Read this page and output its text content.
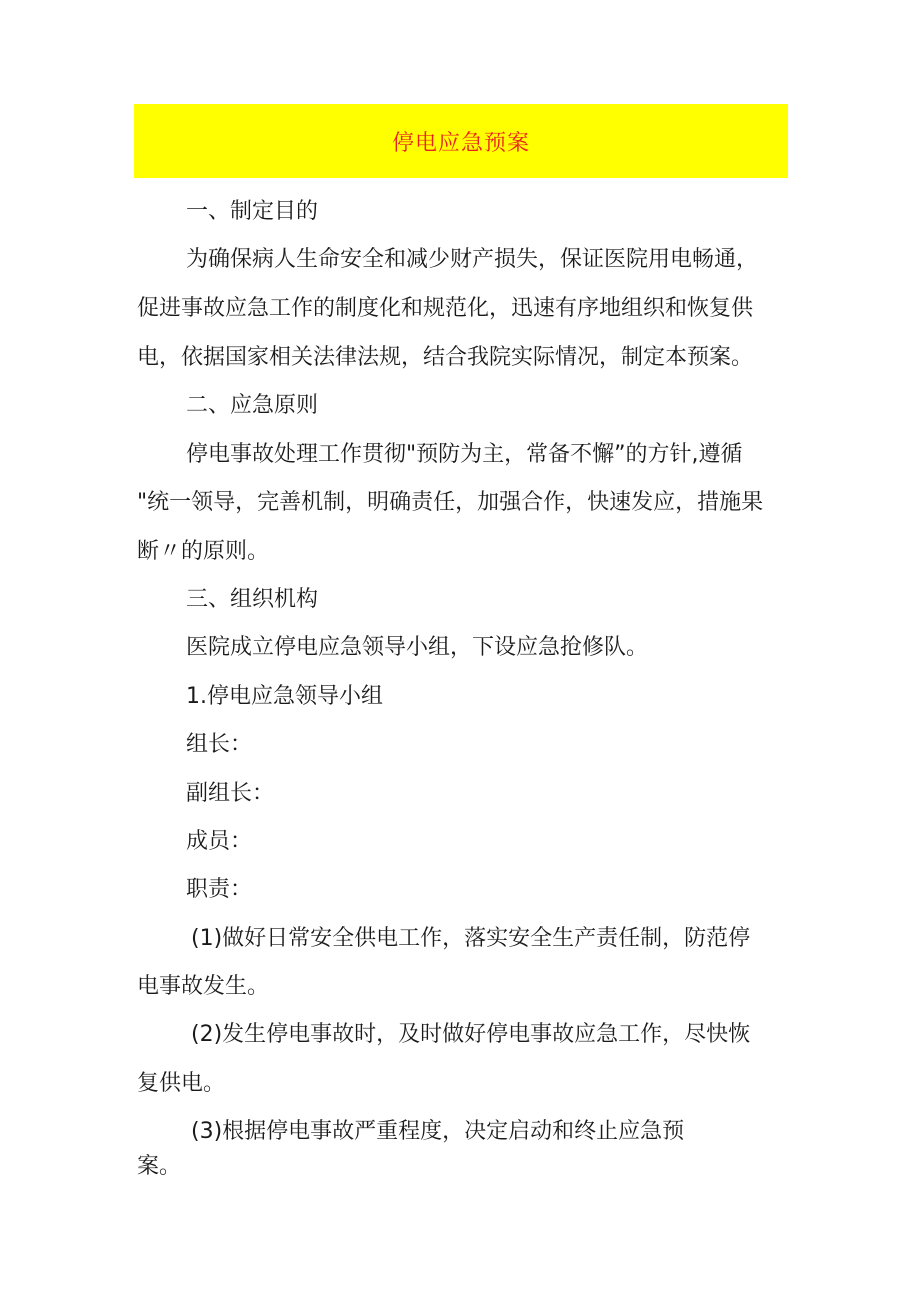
停电应急预案
一、制定目的
为确保病人生命安全和减少财产损失，保证医院用电畅通，
促进事故应急工作的制度化和规范化，迅速有序地组织和恢复供
电，依据国家相关法律法规，结合我院实际情况，制定本预案。
二、应急原则
停电事故处理工作贯彻"预防为主，常备不懈”的方针,遵循
"统一领导，完善机制，明确责任，加强合作，快速发应，措施果
断〃的原则。
三、组织机构
医院成立停电应急领导小组，下设应急抢修队。
1.停电应急领导小组
组长：
副组长：
成员：
职责：
(1)做好日常安全供电工作，落实安全生产责任制，防范停
电事故发生。
(2)发生停电事故时，及时做好停电事故应急工作，尽快恢
复供电。
(3)根据停电事故严重程度，决定启动和终止应急预
案。
